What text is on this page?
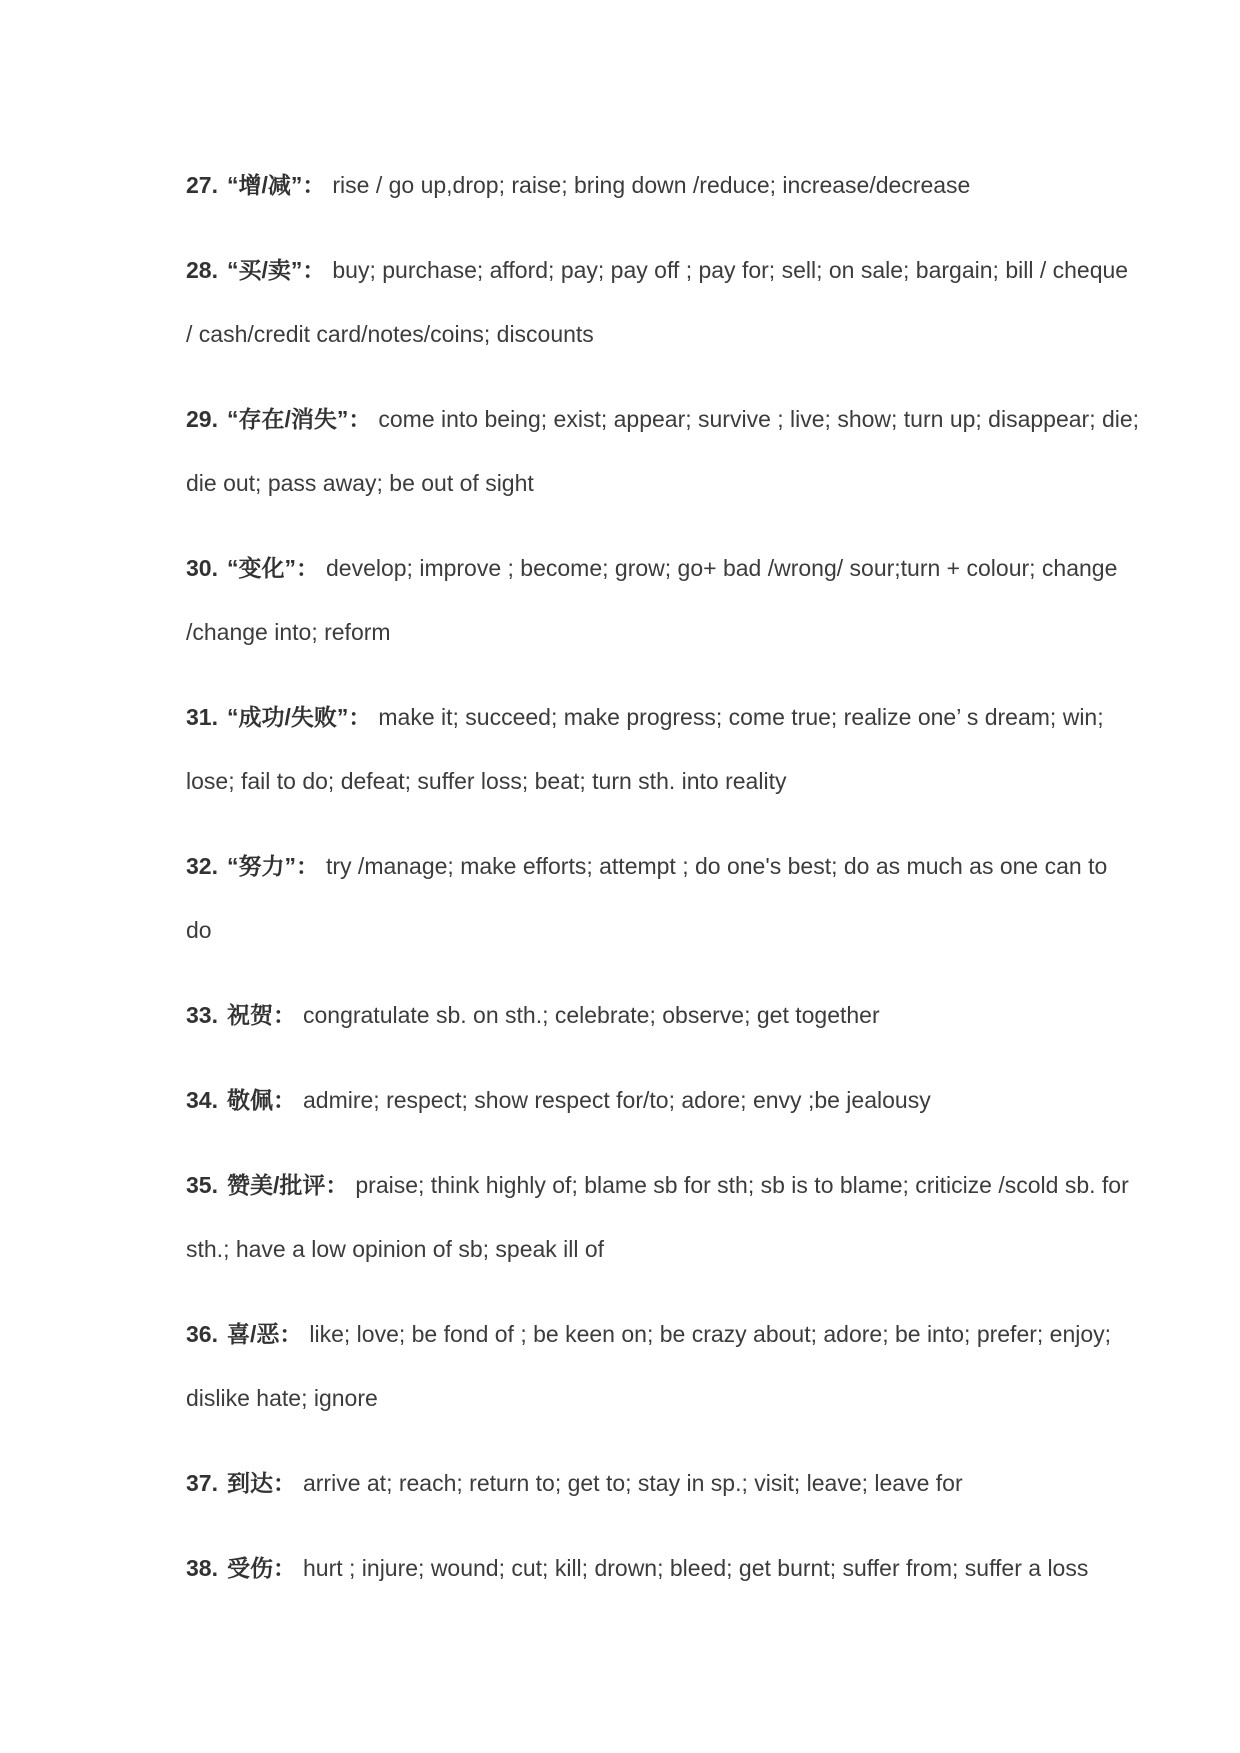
27. “增/减”： rise / go up,drop; raise; bring down /reduce; increase/decrease

28. “买/卖”： buy; purchase; afford; pay; pay off ; pay for; sell; on sale; bargain; bill / cheque
/ cash/credit card/notes/coins; discounts

29. “存在/消失”： come into being; exist; appear; survive ; live; show; turn up; disappear; die;
die out; pass away; be out of sight

30. “变化”： develop; improve ; become; grow; go+ bad /wrong/ sour;turn + colour; change
/change into; reform

31. “成功/失败”： make it; succeed; make progress; come true; realize one’ s dream; win;
lose; fail to do; defeat; suffer loss; beat; turn sth. into reality

32. “努力”： try /manage; make efforts; attempt ; do one's best; do as much as one can to
do

33. 祝贺： congratulate sb. on sth.; celebrate; observe; get together

34. 敬佩： admire; respect; show respect for/to; adore; envy ;be jealousy

35. 赞美/批评： praise; think highly of; blame sb for sth; sb is to blame; criticize /scold sb. for
sth.; have a low opinion of sb; speak ill of

36. 喜/恶： like; love; be fond of ; be keen on; be crazy about; adore; be into; prefer; enjoy;
dislike hate; ignore

37. 到达： arrive at; reach; return to; get to; stay in sp.; visit; leave; leave for

38. 受伤： hurt ; injure; wound; cut; kill; drown; bleed; get burnt; suffer from; suffer a loss
